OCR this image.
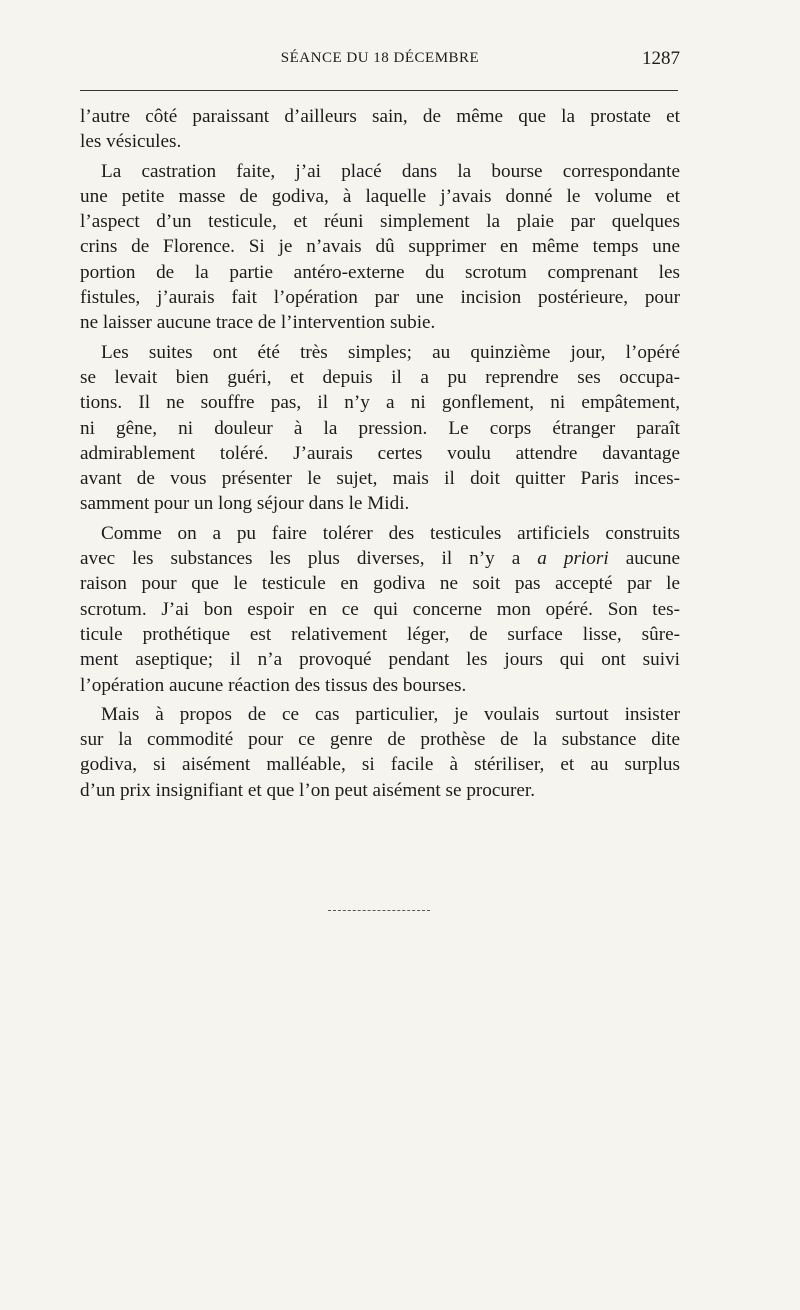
SÉANCE DU 18 DÉCEMBRE	1287
l’autre côté paraissant d’ailleurs sain, de même que la prostate et
les vésicules.
La castration faite, j’ai placé dans la bourse correspondante
une petite masse de godiva, à laquelle j’avais donné le volume et
l’aspect d’un testicule, et réuni simplement la plaie par quelques
crins de Florence. Si je n’avais dû supprimer en même temps une
portion de la partie antéro-externe du scrotum comprenant les
fistules, j’aurais fait l’opération par une incision postérieure, pour
ne laisser aucune trace de l’intervention subie.
Les suites ont été très simples; au quinzième jour, l’opéré
se levait bien guéri, et depuis il a pu reprendre ses occupa-
tions. Il ne souffre pas, il n’y a ni gonflement, ni empâtement,
ni gêne, ni douleur à la pression. Le corps étranger paraît
admirablement toléré. J’aurais certes voulu attendre davantage
avant de vous présenter le sujet, mais il doit quitter Paris inces-
samment pour un long séjour dans le Midi.
Comme on a pu faire tolérer des testicules artificiels construits
avec les substances les plus diverses, il n’y a a priori aucune
raison pour que le testicule en godiva ne soit pas accepté par le
scrotum. J’ai bon espoir en ce qui concerne mon opéré. Son tes-
ticule prothétique est relativement léger, de surface lisse, sûre-
ment aseptique; il n’a provoqué pendant les jours qui ont suivi
l’opération aucune réaction des tissus des bourses.
Mais à propos de ce cas particulier, je voulais surtout insister
sur la commodité pour ce genre de prothèse de la substance dite
godiva, si aisément malléable, si facile à stériliser, et au surplus
d’un prix insignifiant et que l’on peut aisément se procurer.
